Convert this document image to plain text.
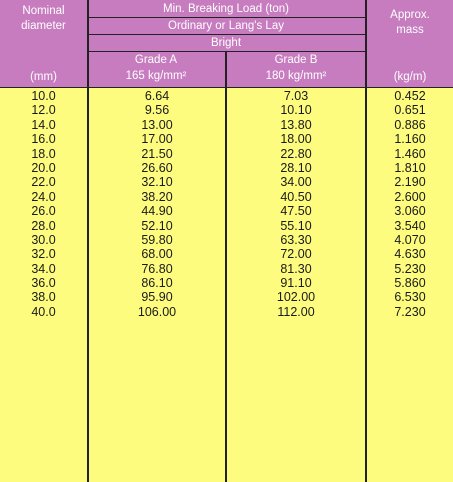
Nominal
diameter
Min. Breaking Load (ton)
Ordinary or Lang's Lay
Bright
Grade A
165 kg/mm²
Grade B
180 kg/mm²
Approx.
mass
(mm)	(kg/m)
10.0
12.0
14.0
16.0
18.0
20.0
22.0
24.0
26.0
28.0
30.0
32.0
34.0
36.0
38.0
40.0
6.64
9.56
13.00
17.00
21.50
26.60
32.10
38.20
44.90
52.10
59.80
68.00
76.80
86.10
95.90
106.00
7.03
10.10
13.80
18.00
22.80
28.10
34.00
40.50
47.50
55.10
63.30
72.00
81.30
91.10
102.00
112.00
0.452
0.651
0.886
1.160
1.460
1.810
2.190
2.600
3.060
3.540
4.070
4.630
5.230
5.860
6.530
7.230
